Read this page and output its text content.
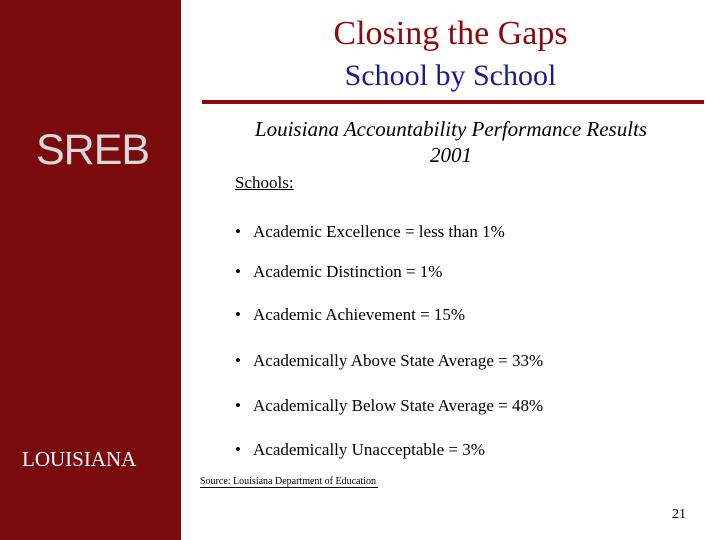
SREB
LOUISIANA
Closing the Gaps
School by School
Louisiana Accountability Performance Results
2001
Schools:
• Academic Excellence = less than 1%
• Academic Distinction = 1%
• Academic Achievement = 15%
• Academically Above State Average = 33%
• Academically Below State Average = 48%
• Academically Unacceptable = 3%
Source: Louisiana Department of Education
21
